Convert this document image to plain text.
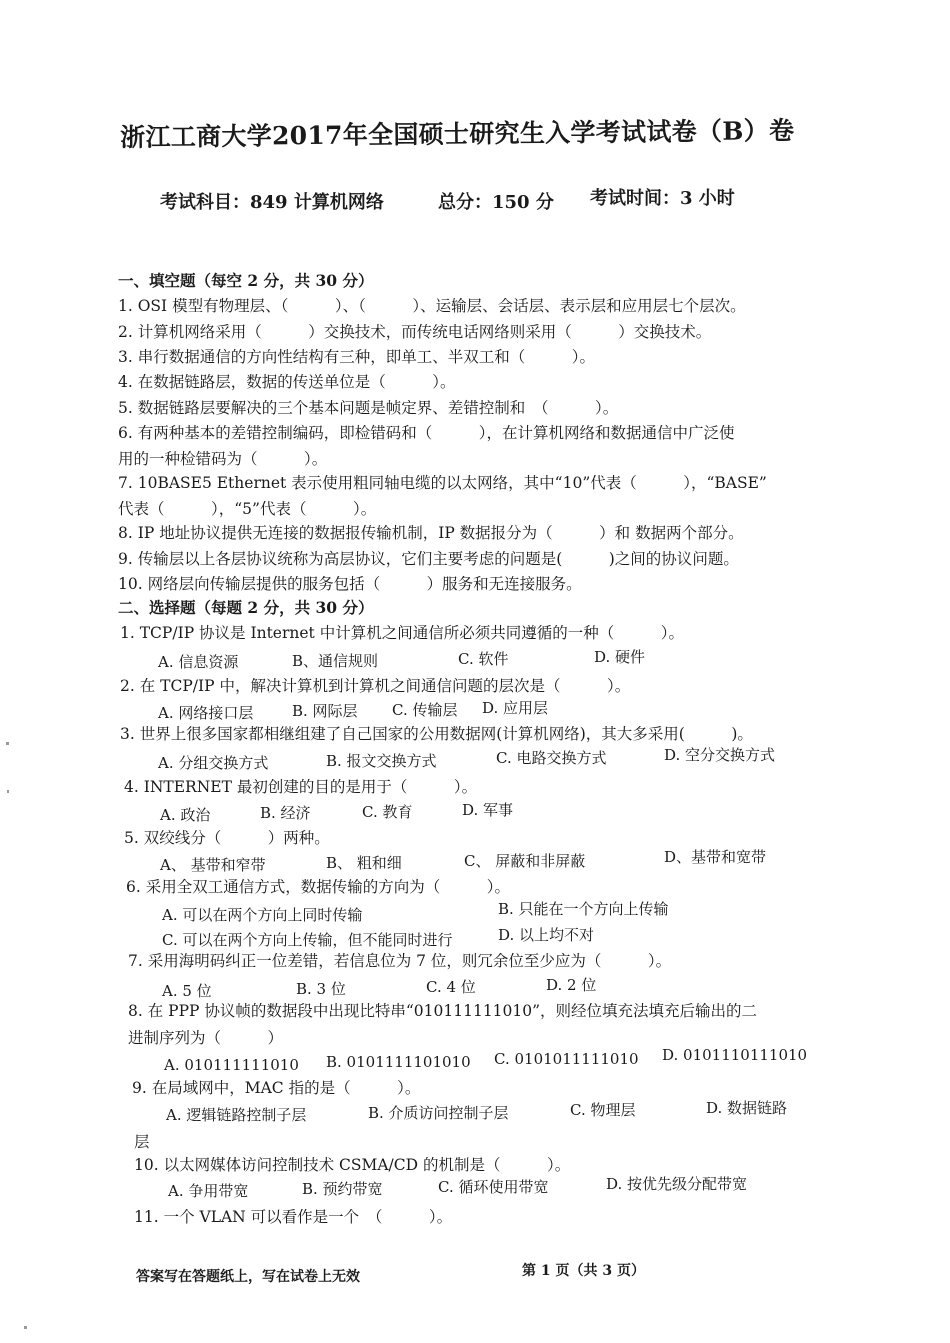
浙江工商大学2017年全国硕士研究生入学考试试卷（B）卷
考试科目：849 计算机网络	总分：150 分 考试时间：3 小时
一、填空题（每空 2 分，共 30 分）
1. OSI 模型有物理层、（　　　）、（　　　）、运输层、会话层、表示层和应用层七个层次。
2. 计算机网络采用（　　　）交换技术，而传统电话网络则采用（　　　）交换技术。
3. 串行数据通信的方向性结构有三种，即单工、半双工和（　　　）。
4. 在数据链路层，数据的传送单位是（　　　）。
5. 数据链路层要解决的三个基本问题是帧定界、差错控制和　（　　　）。
6. 有两种基本的差错控制编码，即检错码和（　　　），在计算机网络和数据通信中广泛使
用的一种检错码为（　　　）。
7. 10BASE5 Ethernet 表示使用粗同轴电缆的以太网络，其中“10”代表（　　　），“BASE”
代表（　　　），“5”代表（　　　）。
8. IP 地址协议提供无连接的数据报传输机制，IP 数据报分为（　　　）和 数据两个部分。
9. 传输层以上各层协议统称为高层协议，它们主要考虑的问题是(　　　)之间的协议问题。
10. 网络层向传输层提供的服务包括（　　　）服务和无连接服务。
二、选择题（每题 2 分，共 30 分）
1. TCP/IP 协议是 Internet 中计算机之间通信所必须共同遵循的一种（　　　）。
A. 信息资源	B、通信规则	C. 软件	D. 硬件
2. 在 TCP/IP 中，解决计算机到计算机之间通信问题的层次是（　　　）。
A. 网络接口层	B. 网际层 C. 传输层 D. 应用层
3. 世界上很多国家都相继组建了自己国家的公用数据网(计算机网络)，其大多采用(　　　)。
A. 分组交换方式	B. 报文交换方式	C. 电路交换方式	D. 空分交换方式
4. INTERNET 最初创建的目的是用于（　　　）。
A. 政治	B. 经济	C. 教育	D. 军事
5. 双绞线分（　　　）两种。
A、 基带和窄带	B、 粗和细	C、 屏蔽和非屏蔽	D、基带和宽带
6. 采用全双工通信方式，数据传输的方向为（　　　）。
A. 可以在两个方向上同时传输	B. 只能在一个方向上传输
C. 可以在两个方向上传输，但不能同时进行	D. 以上均不对
7. 采用海明码纠正一位差错，若信息位为 7 位，则冗余位至少应为（　　　）。
A. 5 位	B. 3 位	C. 4 位	D. 2 位
8. 在 PPP 协议帧的数据段中出现比特串“010111111010”，则经位填充法填充后输出的二
进制序列为（　　　）
A. 010111111010 B. 0101111101010 C. 0101011111010 D. 0101110111010
9. 在局域网中，MAC 指的是（　　　）。
A. 逻辑链路控制子层	B. 介质访问控制子层	C. 物理层	D. 数据链路
层
10. 以太网媒体访问控制技术 CSMA/CD 的机制是（　　　）。
A. 争用带宽	B. 预约带宽	C. 循环使用带宽	D. 按优先级分配带宽
11. 一个 VLAN 可以看作是一个　（　　　）。
答案写在答题纸上，写在试卷上无效	第 1 页（共 3 页）
